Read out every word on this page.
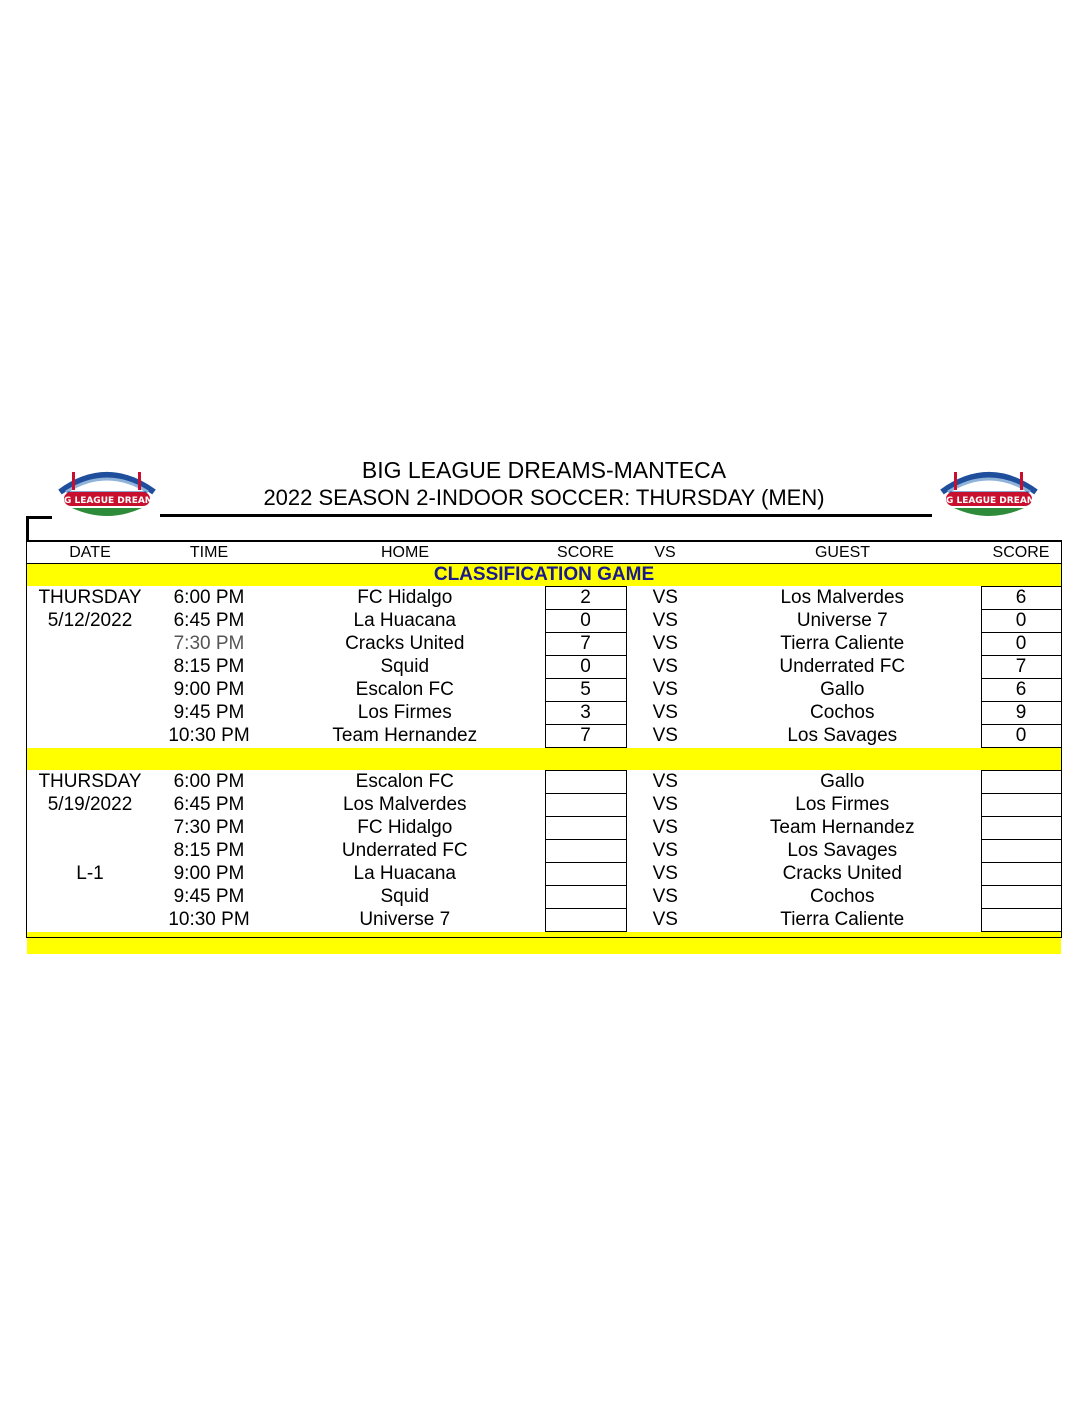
BIG LEAGUE DREAMS	BIG LEAGUE DREAMS
BIG LEAGUE DREAMS-MANTECA
2022 SEASON 2-INDOOR SOCCER: THURSDAY (MEN)
DATE	TIME	HOME	SCORE	VS	GUEST	SCORE
CLASSIFICATION GAME						
THURSDAY	6:00 PM	FC Hidalgo	2	VS	Los Malverdes	6
5/12/2022	6:45 PM	La Huacana	0	VS	Universe 7	0
	7:30 PM	Cracks United	7	VS	Tierra Caliente	0
	8:15 PM	Squid	0	VS	Underrated FC	7
	9:00 PM	Escalon FC	5	VS	Gallo	6
	9:45 PM	Los Firmes	3	VS	Cochos	9
	10:30 PM	Team Hernandez	7	VS	Los Savages	0

THURSDAY	6:00 PM	Escalon FC		VS	Gallo	
5/19/2022	6:45 PM	Los Malverdes		VS	Los Firmes	
	7:30 PM	FC Hidalgo		VS	Team Hernandez	
	8:15 PM	Underrated FC		VS	Los Savages	
L-1	9:00 PM	La Huacana		VS	Cracks United	
	9:45 PM	Squid		VS	Cochos	
	10:30 PM	Universe 7		VS	Tierra Caliente	
